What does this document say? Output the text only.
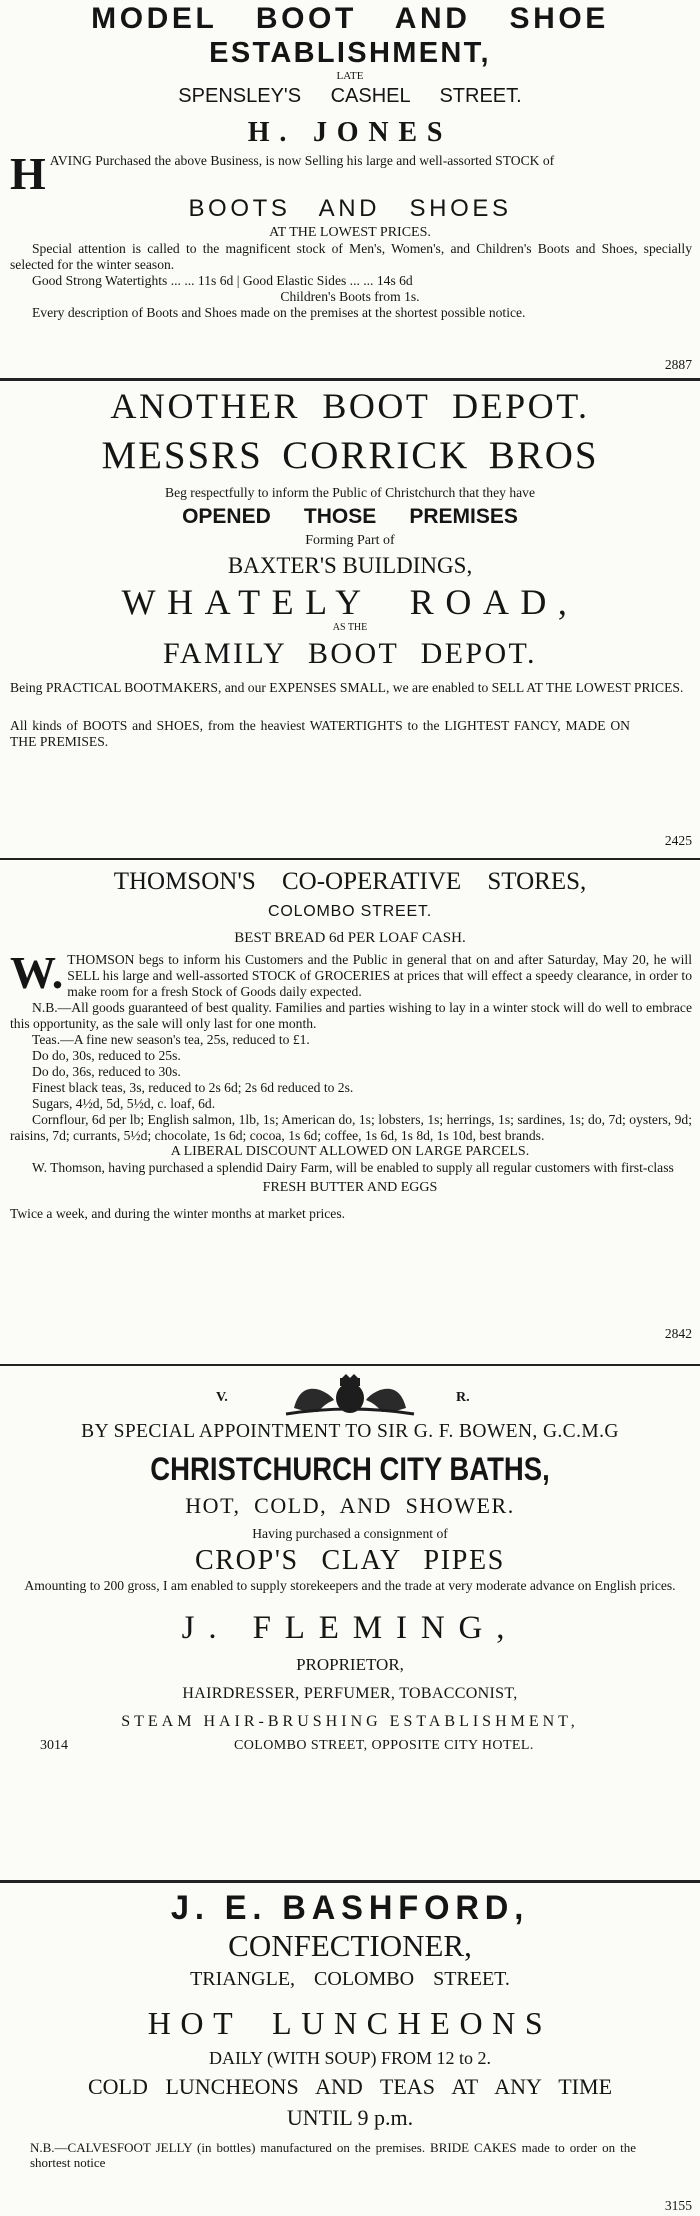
MODEL BOOT AND SHOE

ESTABLISHMENT,

LATE

SPENSLEY'S CASHEL STREET.

H. JONES

H AVING Purchased the above Business, is now Selling his large and well-assorted STOCK of

BOOTS AND SHOES

AT THE LOWEST PRICES.

Special attention is called to the magnificent stock of Men's, Women's, and Children's Boots and Shoes, specially selected for the winter season.

Good Strong Watertights ... ... 11s 6d | Good Elastic Sides ... ... 14s 6d

Children's Boots from 1s.

Every description of Boots and Shoes made on the premises at the shortest possible notice.

2887

ANOTHER BOOT DEPOT.

MESSRS CORRICK BROS

Beg respectfully to inform the Public of Christchurch that they have

OPENED THOSE PREMISES

Forming Part of

BAXTER'S BUILDINGS,

WHATELY ROAD,

AS THE

FAMILY BOOT DEPOT.

Being PRACTICAL BOOTMAKERS, and our EXPENSES SMALL, we are enabled to SELL AT THE LOWEST PRICES.

All kinds of BOOTS and SHOES, from the heaviest WATERTIGHTS to the LIGHTEST FANCY, MADE ON THE PREMISES.

2425

THOMSON'S CO-OPERATIVE STORES,

COLOMBO STREET.

BEST BREAD 6d PER LOAF CASH.

W. THOMSON begs to inform his Customers and the Public in general that on and after Saturday, May 20, he will SELL his large and well-assorted STOCK of GROCERIES at prices that will effect a speedy clearance, in order to make room for a fresh Stock of Goods daily expected.

N.B.—All goods guaranteed of best quality. Families and parties wishing to lay in a winter stock will do well to embrace this opportunity, as the sale will only last for one month.

Teas.—A fine new season's tea, 25s, reduced to £1.

Do do, 30s, reduced to 25s.

Do do, 36s, reduced to 30s.

Finest black teas, 3s, reduced to 2s 6d; 2s 6d reduced to 2s.

Sugars, 4½d, 5d, 5½d, c. loaf, 6d.

Cornflour, 6d per lb; English salmon, 1lb, 1s; American do, 1s; lobsters, 1s; herrings, 1s; sardines, 1s; do, 7d; oysters, 9d; raisins, 7d; currants, 5½d; chocolate, 1s 6d; cocoa, 1s 6d; coffee, 1s 6d, 1s 8d, 1s 10d, best brands.

A LIBERAL DISCOUNT ALLOWED ON LARGE PARCELS.

W. Thomson, having purchased a splendid Dairy Farm, will be enabled to supply all regular customers with first-class

FRESH BUTTER AND EGGS

Twice a week, and during the winter months at market prices.

2842
V.	R.

BY SPECIAL APPOINTMENT TO SIR G. F. BOWEN, G.C.M.G

CHRISTCHURCH CITY BATHS,

HOT, COLD, AND SHOWER.

Having purchased a consignment of

CROP'S CLAY PIPES

Amounting to 200 gross, I am enabled to supply storekeepers and the trade at very moderate advance on English prices.

J. FLEMING,

PROPRIETOR,

HAIRDRESSER, PERFUMER, TOBACCONIST,

STEAM HAIR-BRUSHING ESTABLISHMENT,

3014	COLOMBO STREET, OPPOSITE CITY HOTEL.

J. E. BASHFORD,

CONFECTIONER,

TRIANGLE, COLOMBO STREET.

HOT LUNCHEONS

DAILY (WITH SOUP) FROM 12 to 2.

COLD LUNCHEONS AND TEAS AT ANY TIME

UNTIL 9 p.m.

N.B.—CALVESFOOT JELLY (in bottles) manufactured on the premises. BRIDE CAKES made to order on the shortest notice

3155
